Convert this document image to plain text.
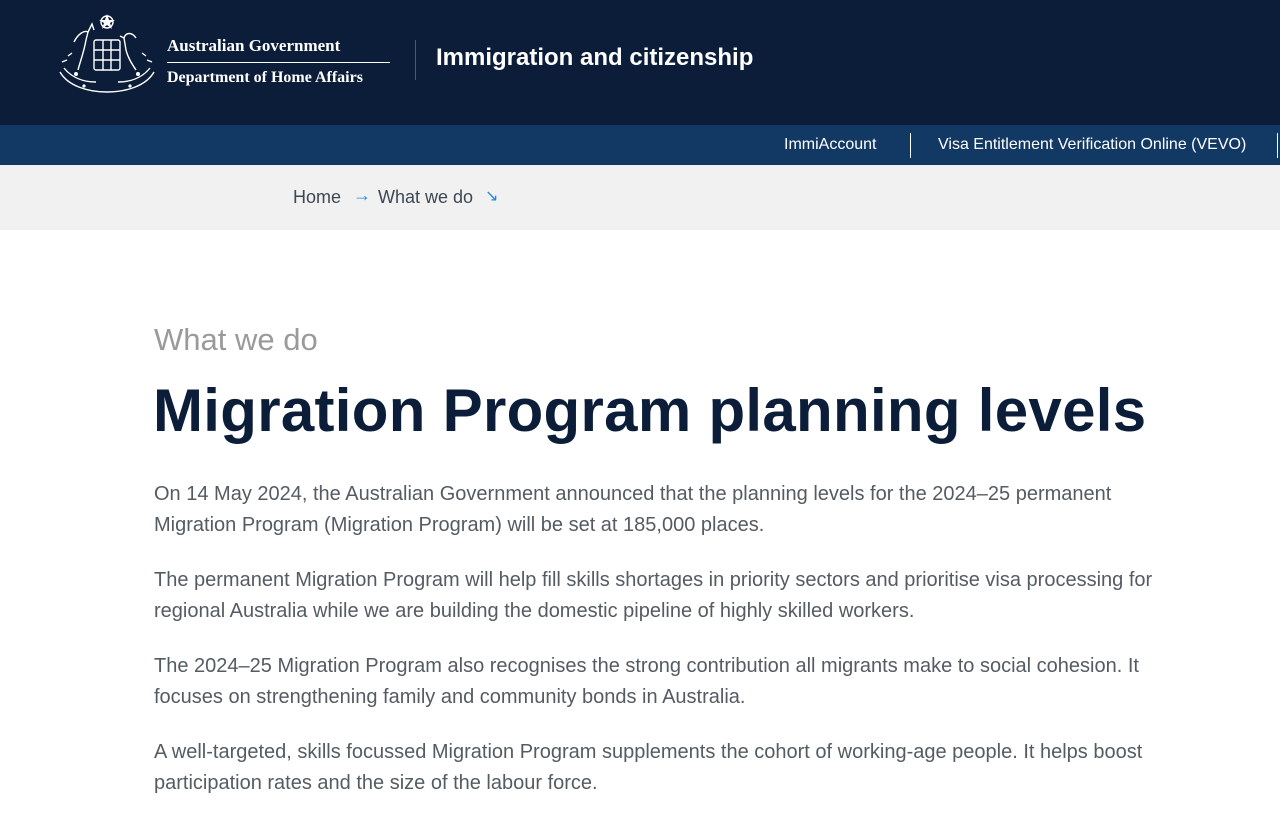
Australian Government
Department of Home Affairs
Immigration and citizenship
ImmiAccount	Visa Entitlement Verification Online (VEVO)
Home → What we do ↘
What we do
Migration Program planning levels

On 14 May 2024, the Australian Government announced that the planning levels for the 2024–25 permanent Migration Program (Migration Program) will be set at 185,000 places.

The permanent Migration Program will help fill skills shortages in priority sectors and prioritise visa processing for regional Australia while we are building the domestic pipeline of highly skilled workers.

The 2024–25 Migration Program also recognises the strong contribution all migrants make to social cohesion. It focuses on strengthening family and community bonds in Australia.

A well-targeted, skills focussed Migration Program supplements the cohort of working-age people. It helps boost participation rates and the size of the labour force.
